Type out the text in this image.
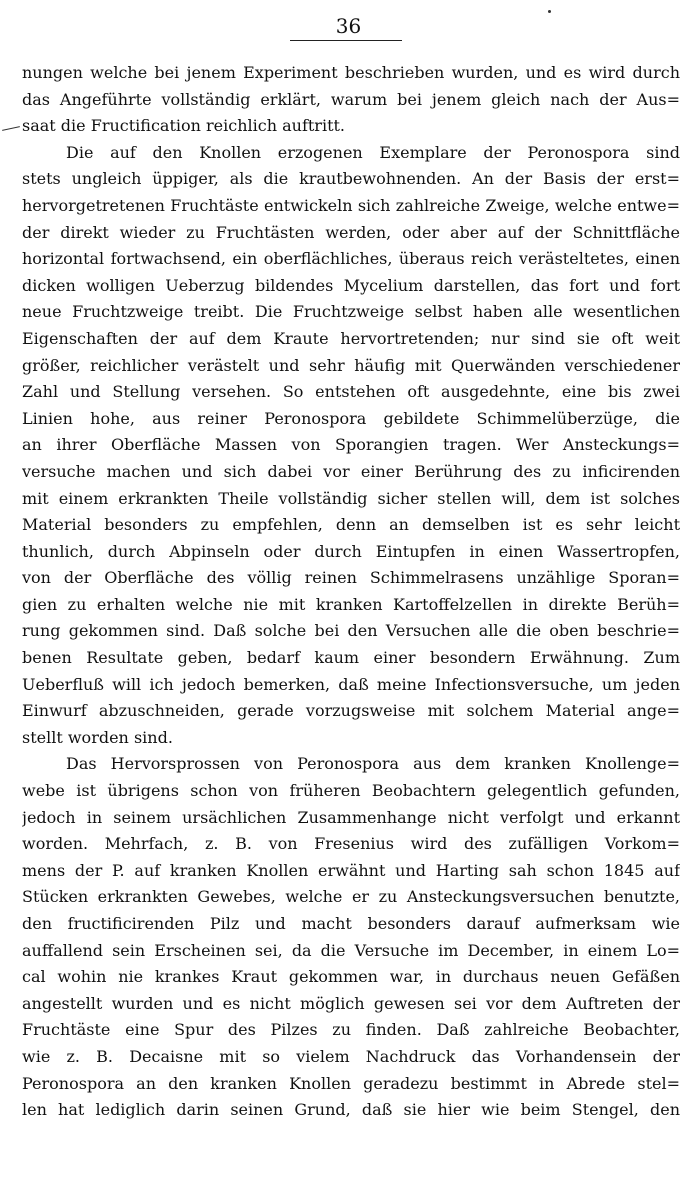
36
nungen welche bei jenem Experiment beschrieben wurden, und es wird durch
das Angeführte vollständig erklärt, warum bei jenem gleich nach der Aus=
saat die Fructification reichlich auftritt.
Die auf den Knollen erzogenen Exemplare der Peronospora sind
stets ungleich üppiger, als die krautbewohnenden. An der Basis der erst=
hervorgetretenen Fruchtäste entwickeln sich zahlreiche Zweige, welche entwe=
der direkt wieder zu Fruchtästen werden, oder aber auf der Schnittfläche
horizontal fortwachsend, ein oberflächliches, überaus reich verästeltetes, einen
dicken wolligen Ueberzug bildendes Mycelium darstellen, das fort und fort
neue Fruchtzweige treibt. Die Fruchtzweige selbst haben alle wesentlichen
Eigenschaften der auf dem Kraute hervortretenden; nur sind sie oft weit
größer, reichlicher verästelt und sehr häufig mit Querwänden verschiedener
Zahl und Stellung versehen. So entstehen oft ausgedehnte, eine bis zwei
Linien hohe, aus reiner Peronospora gebildete Schimmelüberzüge, die
an ihrer Oberfläche Massen von Sporangien tragen. Wer Ansteckungs=
versuche machen und sich dabei vor einer Berührung des zu inficirenden
mit einem erkrankten Theile vollständig sicher stellen will, dem ist solches
Material besonders zu empfehlen, denn an demselben ist es sehr leicht
thunlich, durch Abpinseln oder durch Eintupfen in einen Wassertropfen,
von der Oberfläche des völlig reinen Schimmelrasens unzählige Sporan=
gien zu erhalten welche nie mit kranken Kartoffelzellen in direkte Berüh=
rung gekommen sind. Daß solche bei den Versuchen alle die oben beschrie=
benen Resultate geben, bedarf kaum einer besondern Erwähnung. Zum
Ueberfluß will ich jedoch bemerken, daß meine Infectionsversuche, um jeden
Einwurf abzuschneiden, gerade vorzugsweise mit solchem Material ange=
stellt worden sind.
Das Hervorsprossen von Peronospora aus dem kranken Knollenge=
webe ist übrigens schon von früheren Beobachtern gelegentlich gefunden,
jedoch in seinem ursächlichen Zusammenhange nicht verfolgt und erkannt
worden. Mehrfach, z. B. von Fresenius wird des zufälligen Vorkom=
mens der P. auf kranken Knollen erwähnt und Harting sah schon 1845 auf
Stücken erkrankten Gewebes, welche er zu Ansteckungsversuchen benutzte,
den fructificirenden Pilz und macht besonders darauf aufmerksam wie
auffallend sein Erscheinen sei, da die Versuche im December, in einem Lo=
cal wohin nie krankes Kraut gekommen war, in durchaus neuen Gefäßen
angestellt wurden und es nicht möglich gewesen sei vor dem Auftreten der
Fruchtäste eine Spur des Pilzes zu finden. Daß zahlreiche Beobachter,
wie z. B. Decaisne mit so vielem Nachdruck das Vorhandensein der
Peronospora an den kranken Knollen geradezu bestimmt in Abrede stel=
len hat lediglich darin seinen Grund, daß sie hier wie beim Stengel, den
